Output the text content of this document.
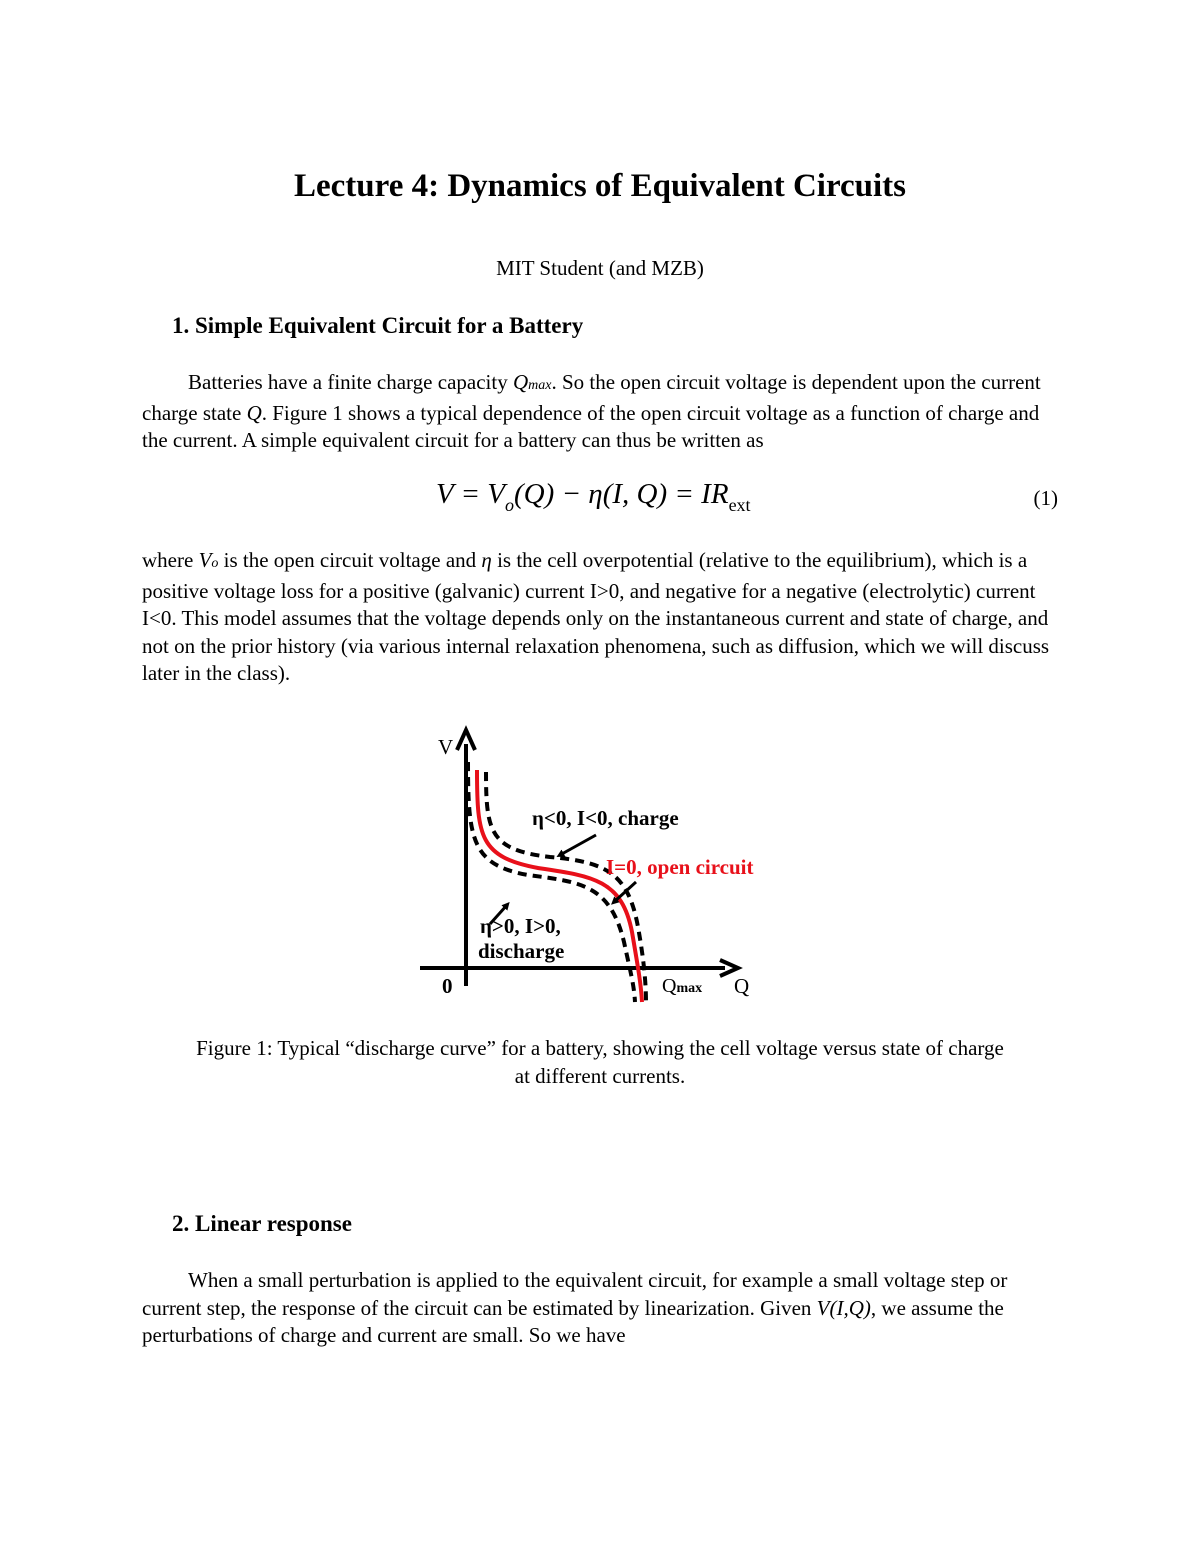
Lecture 4: Dynamics of Equivalent Circuits
MIT Student (and MZB)
1. Simple Equivalent Circuit for a Battery
Batteries have a finite charge capacity Qmax. So the open circuit voltage is dependent upon the current charge state Q. Figure 1 shows a typical dependence of the open circuit voltage as a function of charge and the current. A simple equivalent circuit for a battery can thus be written as
$V = V_o(Q) - \eta(I$, $Q) = IR_{ext}$	(1)
where Vo is the open circuit voltage and η is the cell overpotential (relative to the equilibrium), which is a positive voltage loss for a positive (galvanic) current I>0, and negative for a negative (electrolytic) current I<0. This model assumes that the voltage depends only on the instantaneous current and state of charge, and not on the prior history (via various internal relaxation phenomena, such as diffusion, which we will discuss later in the class).
V
Q
0	Qmax
η<0, I<0, charge
I=0, open circuit
η>0, I>0,
discharge
Figure 1: Typical “discharge curve” for a battery, showing the cell voltage versus state of charge
at different currents.
2. Linear response
When a small perturbation is applied to the equivalent circuit, for example a small voltage step or current step, the response of the circuit can be estimated by linearization. Given V(I,Q), we assume the perturbations of charge and current are small. So we have
